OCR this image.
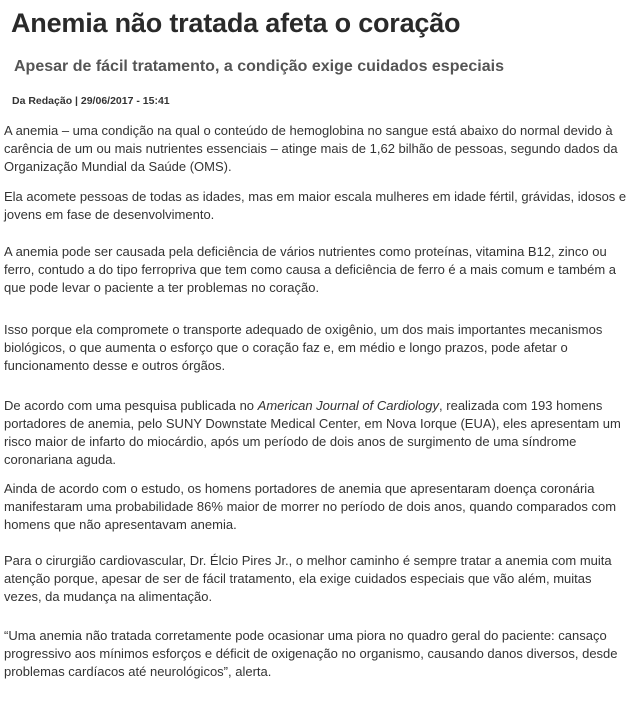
Anemia não tratada afeta o coração
Apesar de fácil tratamento, a condição exige cuidados especiais
Da Redação | 29/06/2017 - 15:41

A anemia – uma condição na qual o conteúdo de hemoglobina no sangue está abaixo do normal devido à carência de um ou mais nutrientes essenciais – atinge mais de 1,62 bilhão de pessoas, segundo dados da Organização Mundial da Saúde (OMS).

Ela acomete pessoas de todas as idades, mas em maior escala mulheres em idade fértil, grávidas, idosos e jovens em fase de desenvolvimento.

A anemia pode ser causada pela deficiência de vários nutrientes como proteínas, vitamina B12, zinco ou ferro, contudo a do tipo ferropriva que tem como causa a deficiência de ferro é a mais comum e também a que pode levar o paciente a ter problemas no coração.

Isso porque ela compromete o transporte adequado de oxigênio, um dos mais importantes mecanismos biológicos, o que aumenta o esforço que o coração faz e, em médio e longo prazos, pode afetar o funcionamento desse e outros órgãos.

De acordo com uma pesquisa publicada no American Journal of Cardiology, realizada com 193 homens portadores de anemia, pelo SUNY Downstate Medical Center, em Nova Iorque (EUA), eles apresentam um risco maior de infarto do miocárdio, após um período de dois anos de surgimento de uma síndrome coronariana aguda.

Ainda de acordo com o estudo, os homens portadores de anemia que apresentaram doença coronária manifestaram uma probabilidade 86% maior de morrer no período de dois anos, quando comparados com homens que não apresentavam anemia.

Para o cirurgião cardiovascular, Dr. Élcio Pires Jr., o melhor caminho é sempre tratar a anemia com muita atenção porque, apesar de ser de fácil tratamento, ela exige cuidados especiais que vão além, muitas vezes, da mudança na alimentação.

“Uma anemia não tratada corretamente pode ocasionar uma piora no quadro geral do paciente: cansaço progressivo aos mínimos esforços e déficit de oxigenação no organismo, causando danos diversos, desde problemas cardíacos até neurológicos”, alerta.
